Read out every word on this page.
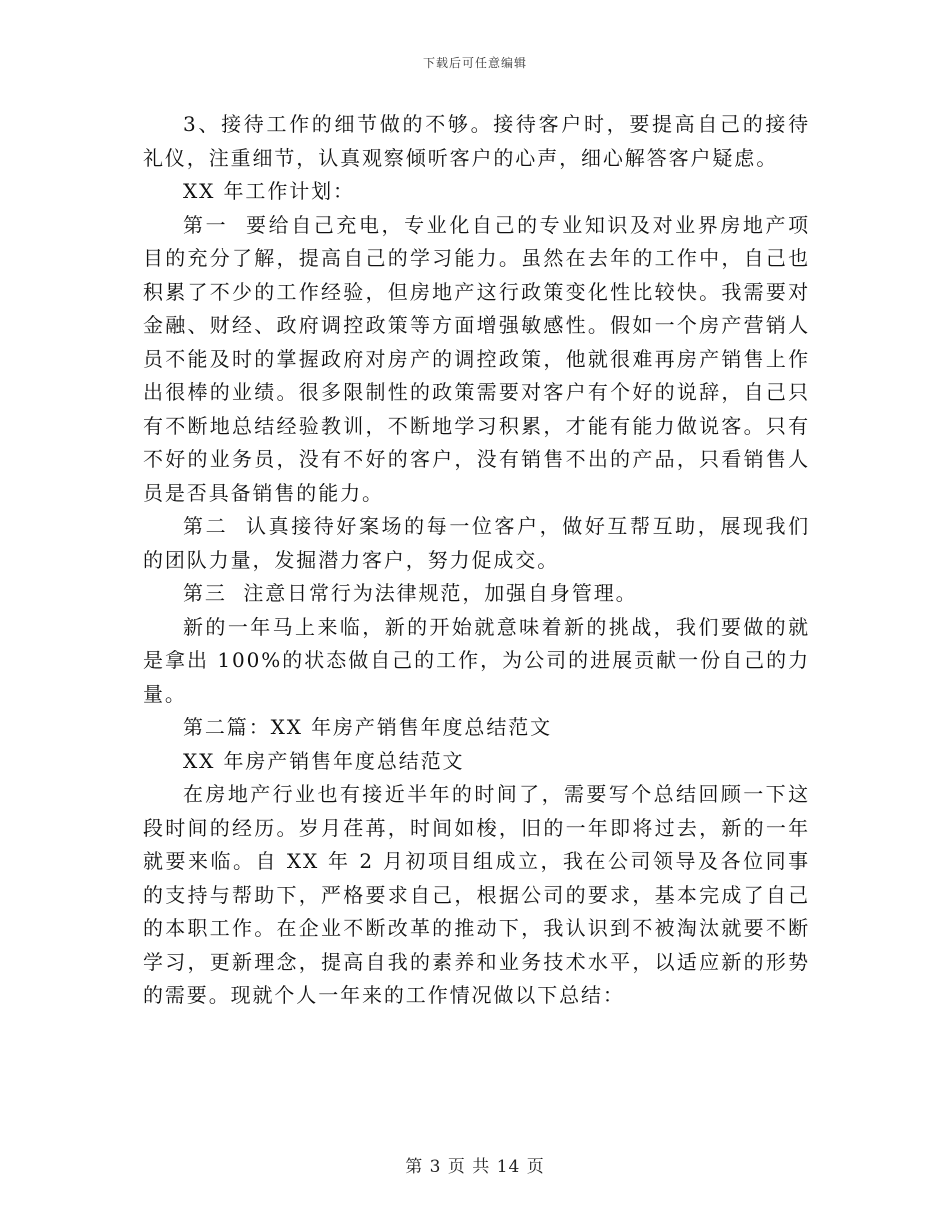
下载后可任意编辑

3、接待工作的细节做的不够。接待客户时，要提高自己的接待礼仪，注重细节，认真观察倾听客户的心声，细心解答客户疑虑。

XX 年工作计划：

第一  要给自己充电，专业化自己的专业知识及对业界房地产项目的充分了解，提高自己的学习能力。虽然在去年的工作中，自己也积累了不少的工作经验，但房地产这行政策变化性比较快。我需要对金融、财经、政府调控政策等方面增强敏感性。假如一个房产营销人员不能及时的掌握政府对房产的调控政策，他就很难再房产销售上作出很棒的业绩。很多限制性的政策需要对客户有个好的说辞，自己只有不断地总结经验教训，不断地学习积累，才能有能力做说客。只有不好的业务员，没有不好的客户，没有销售不出的产品，只看销售人员是否具备销售的能力。

第二  认真接待好案场的每一位客户，做好互帮互助，展现我们的团队力量，发掘潜力客户，努力促成交。

第三  注意日常行为法律规范，加强自身管理。

新的一年马上来临，新的开始就意味着新的挑战，我们要做的就是拿出 100%的状态做自己的工作，为公司的进展贡献一份自己的力量。

第二篇：XX 年房产销售年度总结范文

XX 年房产销售年度总结范文

在房地产行业也有接近半年的时间了，需要写个总结回顾一下这段时间的经历。岁月荏苒，时间如梭，旧的一年即将过去，新的一年就要来临。自 XX 年 2 月初项目组成立，我在公司领导及各位同事的支持与帮助下，严格要求自己，根据公司的要求，基本完成了自己的本职工作。在企业不断改革的推动下，我认识到不被淘汰就要不断学习，更新理念，提高自我的素养和业务技术水平，以适应新的形势的需要。现就个人一年来的工作情况做以下总结：

第 3 页 共 14 页
